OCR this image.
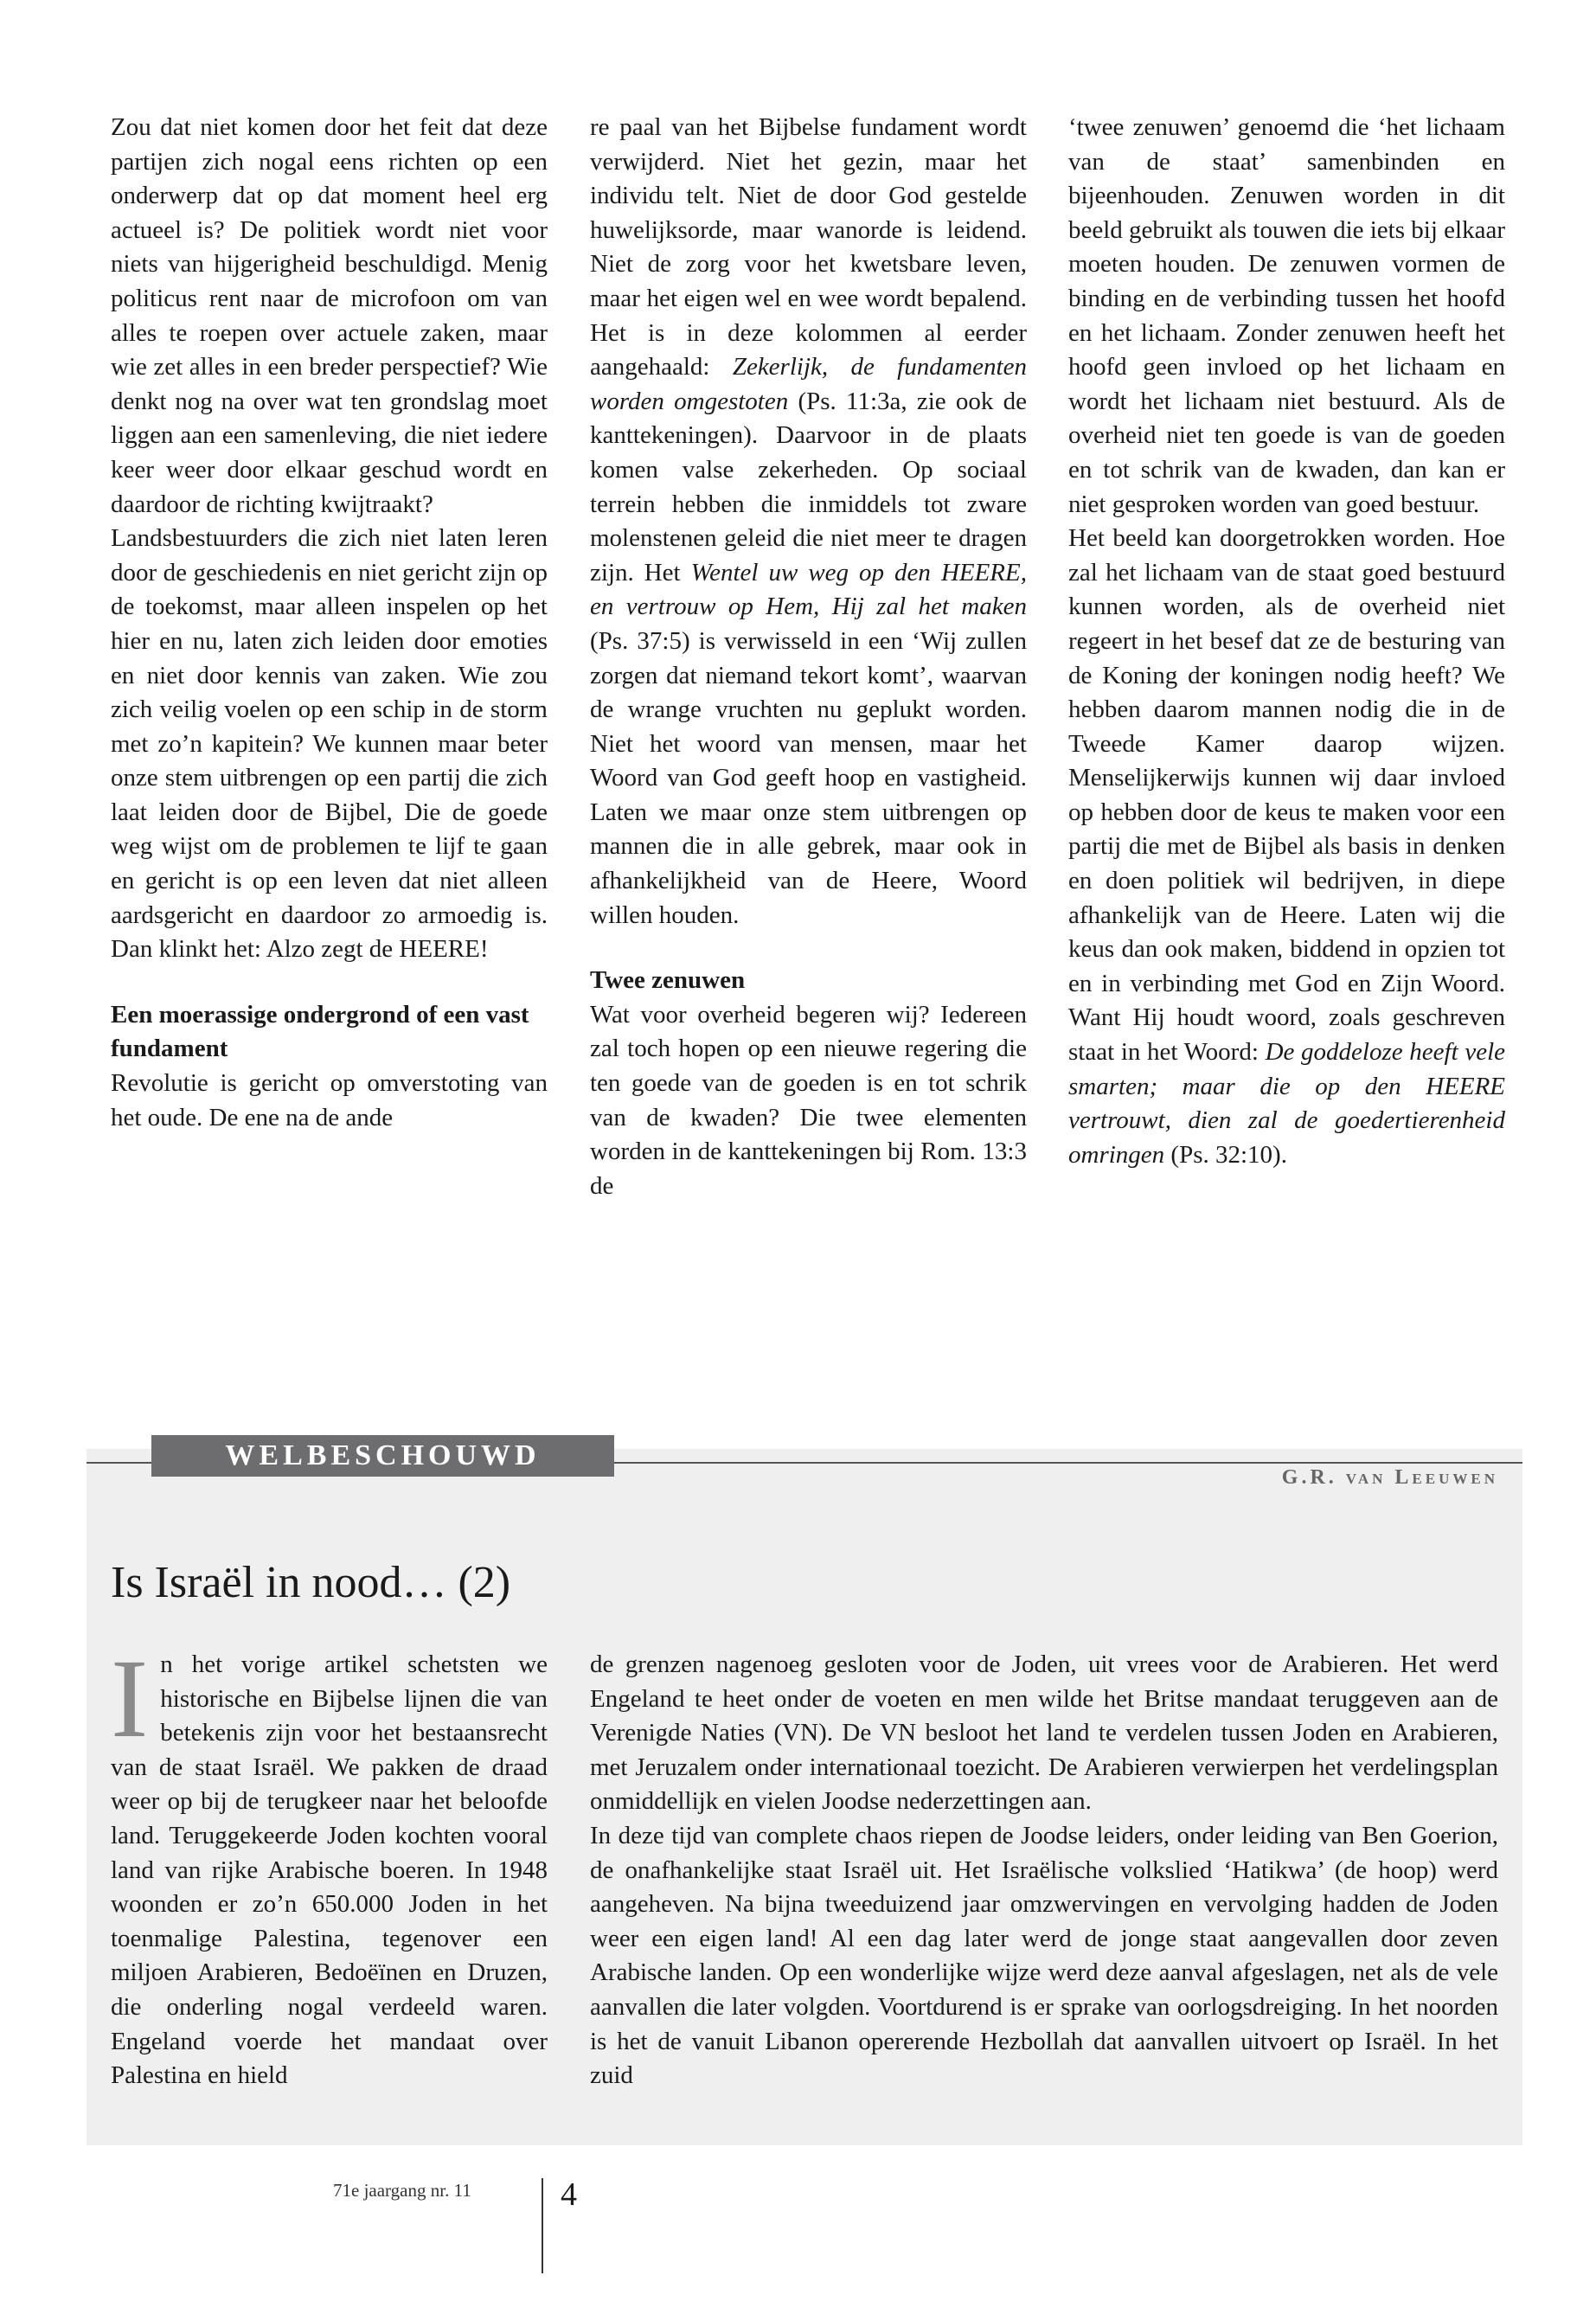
Zou dat niet komen door het feit dat deze partijen zich nogal eens richten op een onderwerp dat op dat moment heel erg actueel is? De politiek wordt niet voor niets van hijgerigheid beschuldigd. Menig politicus rent naar de microfoon om van alles te roepen over actuele zaken, maar wie zet alles in een breder perspectief? Wie denkt nog na over wat ten grondslag moet liggen aan een samenleving, die niet iedere keer weer door elkaar geschud wordt en daardoor de richting kwijtraakt?

Landsbestuurders die zich niet laten leren door de geschiedenis en niet gericht zijn op de toekomst, maar alleen inspelen op het hier en nu, laten zich leiden door emoties en niet door kennis van zaken. Wie zou zich veilig voelen op een schip in de storm met zo’n kapitein? We kunnen maar beter onze stem uitbrengen op een partij die zich laat leiden door de Bijbel, Die de goede weg wijst om de problemen te lijf te gaan en gericht is op een leven dat niet alleen aardsgericht en daardoor zo armoedig is. Dan klinkt het: Alzo zegt de HEERE!

Een moerassige ondergrond of een vast fundament

Revolutie is gericht op omverstoting van het oude. De ene na de ande

re paal van het Bijbelse fundament wordt verwijderd. Niet het gezin, maar het individu telt. Niet de door God gestelde huwelijksorde, maar wanorde is leidend. Niet de zorg voor het kwetsbare leven, maar het eigen wel en wee wordt bepalend. Het is in deze kolommen al eerder aangehaald: Zekerlijk, de fundamenten worden omgestoten (Ps. 11:3a, zie ook de kanttekeningen). Daarvoor in de plaats komen valse zekerheden. Op sociaal terrein hebben die inmiddels tot zware molenstenen geleid die niet meer te dragen zijn. Het Wentel uw weg op den HEERE, en vertrouw op Hem, Hij zal het maken (Ps. 37:5) is verwisseld in een ‘Wij zullen zorgen dat niemand tekort komt’, waarvan de wrange vruchten nu geplukt worden. Niet het woord van mensen, maar het Woord van God geeft hoop en vastigheid. Laten we maar onze stem uitbrengen op mannen die in alle gebrek, maar ook in afhankelijkheid van de Heere, Woord willen houden.

Twee zenuwen

Wat voor overheid begeren wij? Iedereen zal toch hopen op een nieuwe regering die ten goede van de goeden is en tot schrik van de kwaden? Die twee elementen worden in de kanttekeningen bij Rom. 13:3 de

‘twee zenuwen’ genoemd die ‘het lichaam van de staat’ samenbinden en bijeenhouden. Zenuwen worden in dit beeld gebruikt als touwen die iets bij elkaar moeten houden. De zenuwen vormen de binding en de verbinding tussen het hoofd en het lichaam. Zonder zenuwen heeft het hoofd geen invloed op het lichaam en wordt het lichaam niet bestuurd. Als de overheid niet ten goede is van de goeden en tot schrik van de kwaden, dan kan er niet gesproken worden van goed bestuur.

Het beeld kan doorgetrokken worden. Hoe zal het lichaam van de staat goed bestuurd kunnen worden, als de overheid niet regeert in het besef dat ze de besturing van de Koning der koningen nodig heeft? We hebben daarom mannen nodig die in de Tweede Kamer daarop wijzen. Menselijkerwijs kunnen wij daar invloed op hebben door de keus te maken voor een partij die met de Bijbel als basis in denken en doen politiek wil bedrijven, in diepe afhankelijk van de Heere. Laten wij die keus dan ook maken, biddend in opzien tot en in verbinding met God en Zijn Woord. Want Hij houdt woord, zoals geschreven staat in het Woord: De goddeloze heeft vele smarten; maar die op den HEERE vertrouwt, dien zal de goedertierenheid omringen (Ps. 32:10).

WELBESCHOUWD
G.R. van Leeuwen
Is Israël in nood… (2)

In het vorige artikel schetsten we historische en Bijbelse lijnen die van betekenis zijn voor het bestaansrecht van de staat Israël. We pakken de draad weer op bij de terugkeer naar het beloofde land. Teruggekeerde Joden kochten vooral land van rijke Arabische boeren. In 1948 woonden er zo’n 650.000 Joden in het toenmalige Palestina, tegenover een miljoen Arabieren, Bedoëïnen en Druzen, die onderling nogal verdeeld waren. Engeland voerde het mandaat over Palestina en hield

de grenzen nagenoeg gesloten voor de Joden, uit vrees voor de Arabieren. Het werd Engeland te heet onder de voeten en men wilde het Britse mandaat teruggeven aan de Verenigde Naties (VN). De VN besloot het land te verdelen tussen Joden en Arabieren, met Jeruzalem onder internationaal toezicht. De Arabieren verwierpen het verdelingsplan onmiddellijk en vielen Joodse nederzettingen aan.

In deze tijd van complete chaos riepen de Joodse leiders, onder leiding van Ben Goerion, de onafhankelijke staat Israël uit. Het Israëlische volkslied ‘Hatikwa’ (de hoop) werd aangeheven. Na bijna tweeduizend jaar omzwervingen en vervolging hadden de Joden weer een eigen land! Al een dag later werd de jonge staat aangevallen door zeven Arabische landen. Op een wonderlijke wijze werd deze aanval afgeslagen, net als de vele aanvallen die later volgden. Voortdurend is er sprake van oorlogsdreiging. In het noorden is het de vanuit Libanon opererende Hezbollah dat aanvallen uitvoert op Israël. In het zuid

71e jaargang nr. 11	4
